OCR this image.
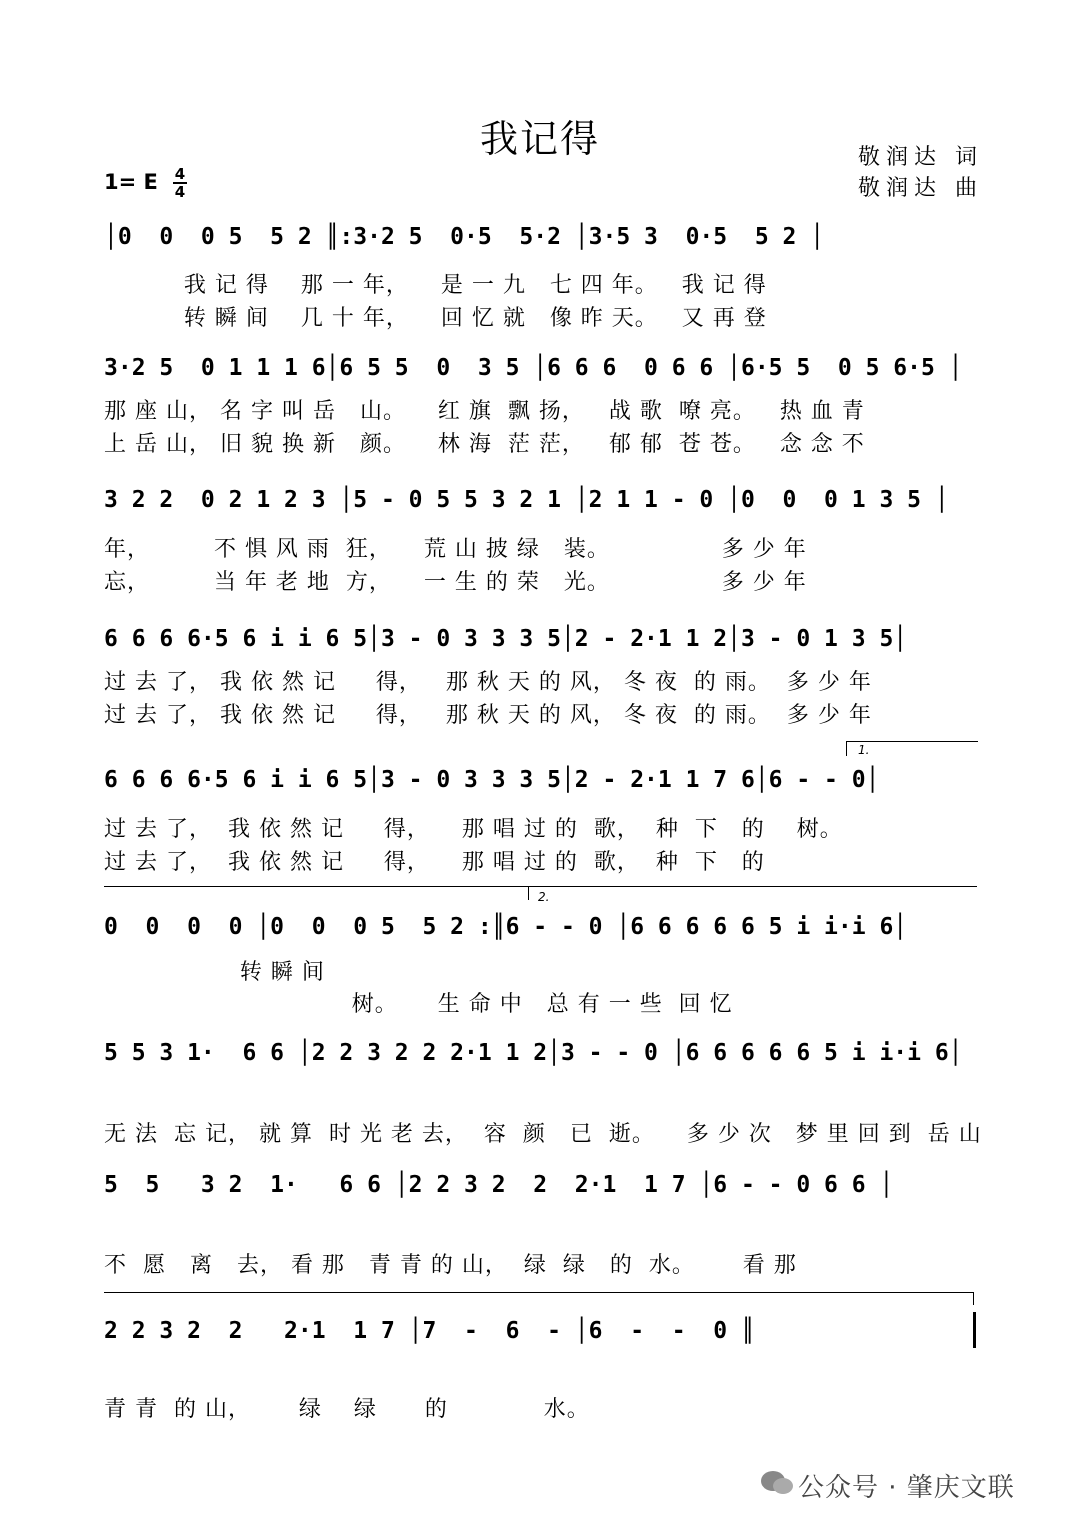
我记得	敬润达 词
敬润达 曲
1= E 4
4
│0  0  0 5  5 2 ║:3·2 5  0·5  5·2 │3·5 3  0·5  5 2 │
我 记 得    那 一 年，    是 一 九   七 四 年。   我 记 得
转 瞬 间    几 十 年，    回 忆 就   像 昨 天。   又 再 登
3·2 5  0 1 1 1 6│6 5 5  0  3 5 │6 6 6  0 6 6 │6·5 5  0 5 6·5 │
那 座 山， 名 字 叫 岳   山。    红 旗  飘 扬，   战 歌  嘹 亮。   热 血 青
上 岳 山， 旧 貌 换 新   颜。    林 海  茫 茫，   郁 郁  苍 苍。   念 念 不
3 2 2  0 2 1 2 3 │5 - 0 5 5 3 2 1 │2 1 1 - 0 │0  0  0 1 3 5 │
年，        不 惧 风 雨  狂，    荒 山 披 绿   装。              多 少 年
忘，        当 年 老 地  方，    一 生 的 荣   光。              多 少 年
6 6 6 6·5 6 i i 6 5│3 - 0 3 3 3 5│2 - 2·1 1 2│3 - 0 1 3 5│
过 去 了， 我 依 然 记     得，   那 秋 天 的 风， 冬 夜  的 雨。  多 少 年
过 去 了， 我 依 然 记     得，   那 秋 天 的 风， 冬 夜  的 雨。  多 少 年
1.
6 6 6 6·5 6 i i 6 5│3 - 0 3 3 3 5│2 - 2·1 1 7 6│6 - - 0│
过 去 了，  我 依 然 记     得，    那 唱 过 的  歌，  种  下   的    树。
过 去 了，  我 依 然 记     得，    那 唱 过 的  歌，  种  下   的
2.
0  0  0  0 │0  0  0 5  5 2 :║6 - - 0 │6 6 6 6 6 5 i i·i 6│
转 瞬 间
树。     生 命 中   总 有 一 些  回 忆
5 5 3 1·  6 6 │2 2 3 2 2 2·1 1 2│3 - - 0 │6 6 6 6 6 5 i i·i 6│
无 法  忘 记， 就 算  时 光 老 去，  容  颜   已  逝。    多 少 次   梦 里 回 到  岳 山
5  5   3 2  1·   6 6 │2 2 3 2  2  2·1  1 7 │6 - - 0 6 6 │
不  愿   离   去， 看 那   青 青 的 山，  绿  绿   的  水。      看 那
2 2 3 2  2   2·1  1 7 │7  -  6  - │6  -  -  0 ║
青 青  的 山，      绿    绿      的            水。
公众号 · 肇庆文联
